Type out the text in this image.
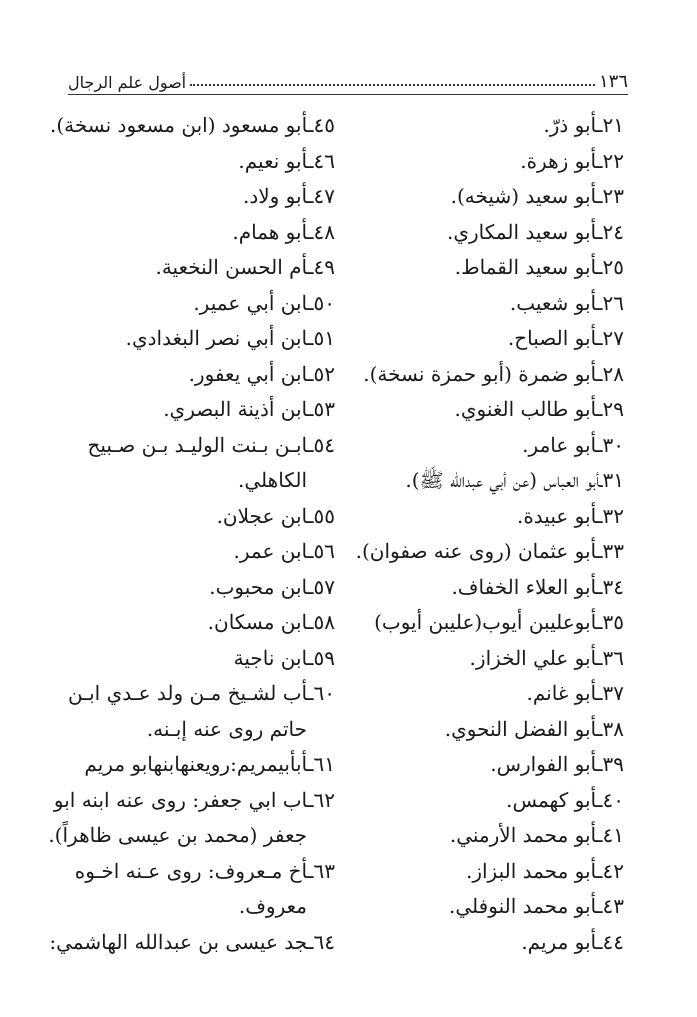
١٣٦
أصول علم الرجال
٢١ـأبو ذرّ.
٢٢ـأبو زهرة.
٢٣ـأبو سعيد (شيخه).
٢٤ـأبو سعيد المكاري.
٢٥ـأبو سعيد القماط.
٢٦ـأبو شعيب.
٢٧ـأبو الصباح.
٢٨ـأبو ضمرة (أبو حمزة نسخة).
٢٩ـأبو طالب الغنوي.
٣٠ـأبو عامر.
٣١ـأبو العباس (عن أبي عبدالله ﷺ).
٣٢ـأبو عبيدة.
٣٣ـأبو عثمان (روى عنه صفوان).
٣٤ـأبو العلاء الخفاف.
٣٥ـأبوعليبن أيوب(عليبن أيوب)
٣٦ـأبو علي الخزاز.
٣٧ـأبو غانم.
٣٨ـأبو الفضل النحوي.
٣٩ـأبو الفوارس.
٤٠ـأبو كهمس.
٤١ـأبو محمد الأرمني.
٤٢ـأبو محمد البزاز.
٤٣ـأبو محمد النوفلي.
٤٤ـأبو مريم.
٤٥ـأبو مسعود (ابن مسعود نسخة).
٤٦ـأبو نعيم.
٤٧ـأبو ولاد.
٤٨ـأبو همام.
٤٩ـأم الحسن النخعية.
٥٠ـابن أبي عمير.
٥١ـابن أبي نصر البغدادي.
٥٢ـابن أبي يعفور.
٥٣ـابن أذينة البصري.
٥٤ـابـن بـنت الوليـد بـن صـبيح
الكاهلي.
٥٥ـابن عجلان.
٥٦ـابن عمر.
٥٧ـابن محبوب.
٥٨ـابن مسكان.
٥٩ـابن ناجية
٦٠ـأب لشـيخ مـن ولد عـدي ابـن
حاتم روى عنه إبـنه.
٦١ـأبأبيمريم:رویعنهابنهابو مريم
٦٢ـاب ابي جعفر: روى عنه ابنه ابو
جعفر (محمد بن عيسى ظاهراً).
٦٣ـأخ مـعروف: روى عـنه اخـوه
معروف.
٦٤ـجد عيسى بن عبدالله الهاشمي:
